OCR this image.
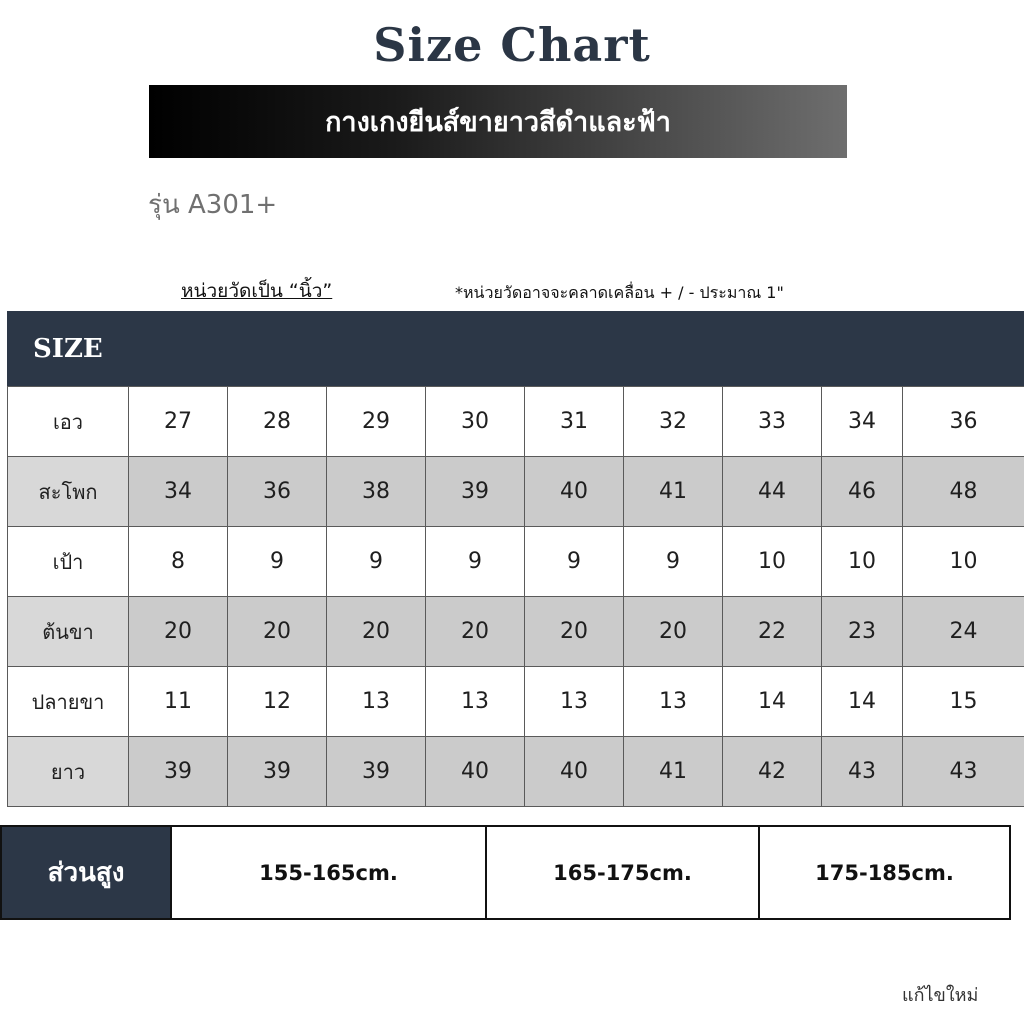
Size Chart
กางเกงยีนส์ขายาวสีดำและฟ้า
รุ่น A301+
หน่วยวัดเป็น “นิ้ว”	*หน่วยวัดอาจจะคลาดเคลื่อน + / - ประมาณ 1"
SIZE
เอว	27	28	29	30	31	32	33	34	36
สะโพก	34	36	38	39	40	41	44	46	48
เป้า	8	9	9	9	9	9	10	10	10
ต้นขา	20	20	20	20	20	20	22	23	24
ปลายขา	11	12	13	13	13	13	14	14	15
ยาว	39	39	39	40	40	41	42	43	43
ส่วนสูง	155-165cm.	165-175cm.	175-185cm.
แก้ไขใหม่
